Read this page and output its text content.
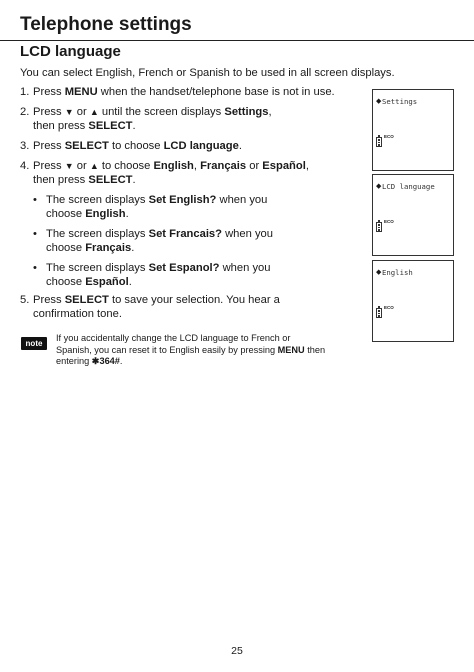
Telephone settings
LCD language
You can select English, French or Spanish to be used in all screen displays.
1. Press MENU when the handset/telephone base is not in use.
2. Press ▼ or ▲ until the screen displays Settings,
then press SELECT.
3. Press SELECT to choose LCD language.
4. Press ▼ or ▲ to choose English, Français or Español,
then press SELECT.
• The screen displays Set English? when you
choose English.
• The screen displays Set Francais? when you
choose Français.
• The screen displays Set Espanol? when you
choose Español.
5. Press SELECT to save your selection. You hear a
confirmation tone.
note
If you accidentally change the LCD language to French or
Spanish, you can reset it to English easily by pressing MENU then
entering ✱364#.
◆ Settings
ECO
◆ LCD language
ECO
◆ English
ECO
25
